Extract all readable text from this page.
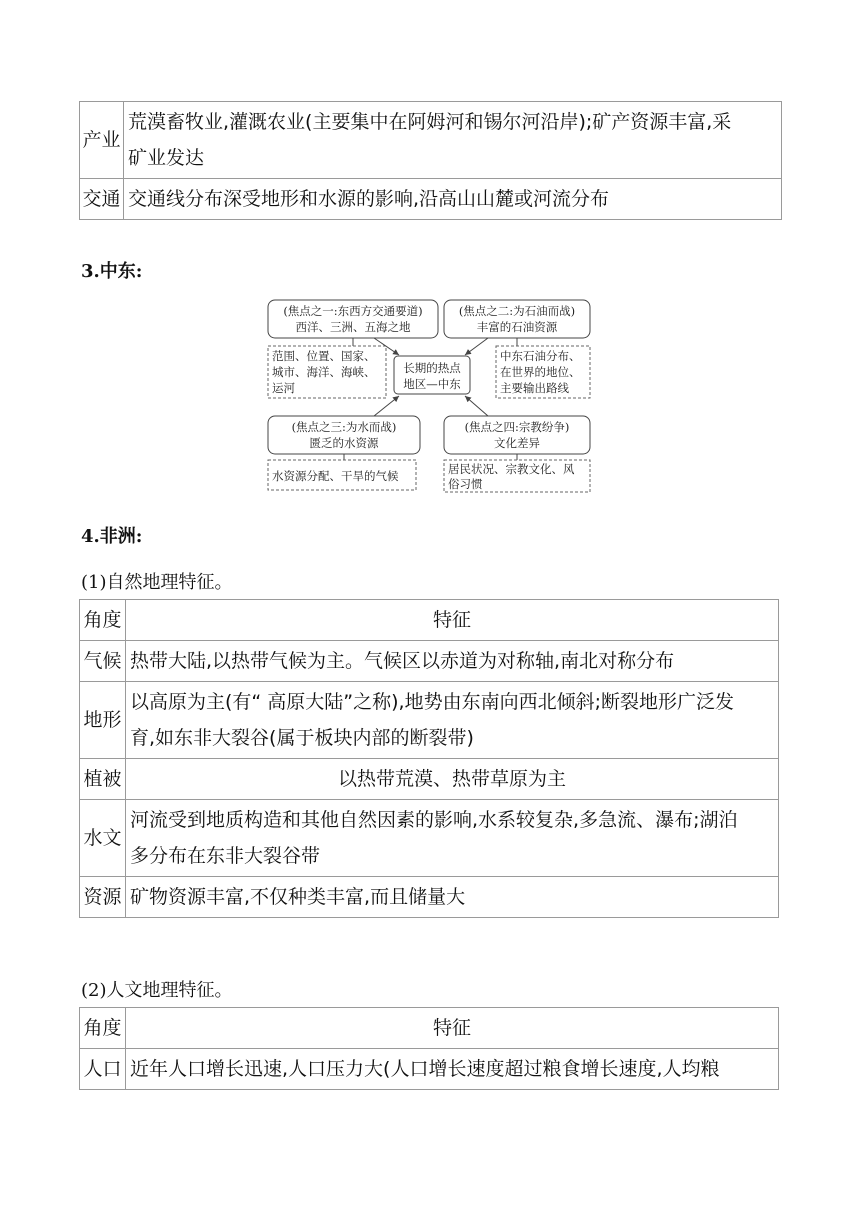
产业	荒漠畜牧业,灌溉农业(主要集中在阿姆河和锡尔河沿岸);矿产资源丰富,采
矿业发达

交通	交通线分布深受地形和水源的影响,沿高山山麓或河流分布
3.中东:
(焦点之一:东西方交通要道)
西洋、三洲、五海之地
范围、位置、国家、
城市、海洋、海峡、
运河
(焦点之二:为石油而战)
丰富的石油资源
中东石油分布、
在世界的地位、
主要输出路线
长期的热点
地区—中东
(焦点之三:为水而战)
匮乏的水资源
水资源分配、干旱的气候
(焦点之四:宗教纷争)
文化差异
居民状况、宗教文化、风
俗习惯
4.非洲:
(1)自然地理特征。
角度	特征
气候	热带大陆,以热带气候为主。气候区以赤道为对称轴,南北对称分布

地形	以高原为主(有“ 高原大陆”之称),地势由东南向西北倾斜;断裂地形广泛发
育,如东非大裂谷(属于板块内部的断裂带)

植被	以热带荒漠、热带草原为主

水文	河流受到地质构造和其他自然因素的影响,水系较复杂,多急流、瀑布;湖泊
多分布在东非大裂谷带

资源	矿物资源丰富,不仅种类丰富,而且储量大
(2)人文地理特征。
角度	特征
人口	近年人口增长迅速,人口压力大(人口增长速度超过粮食增长速度,人均粮
